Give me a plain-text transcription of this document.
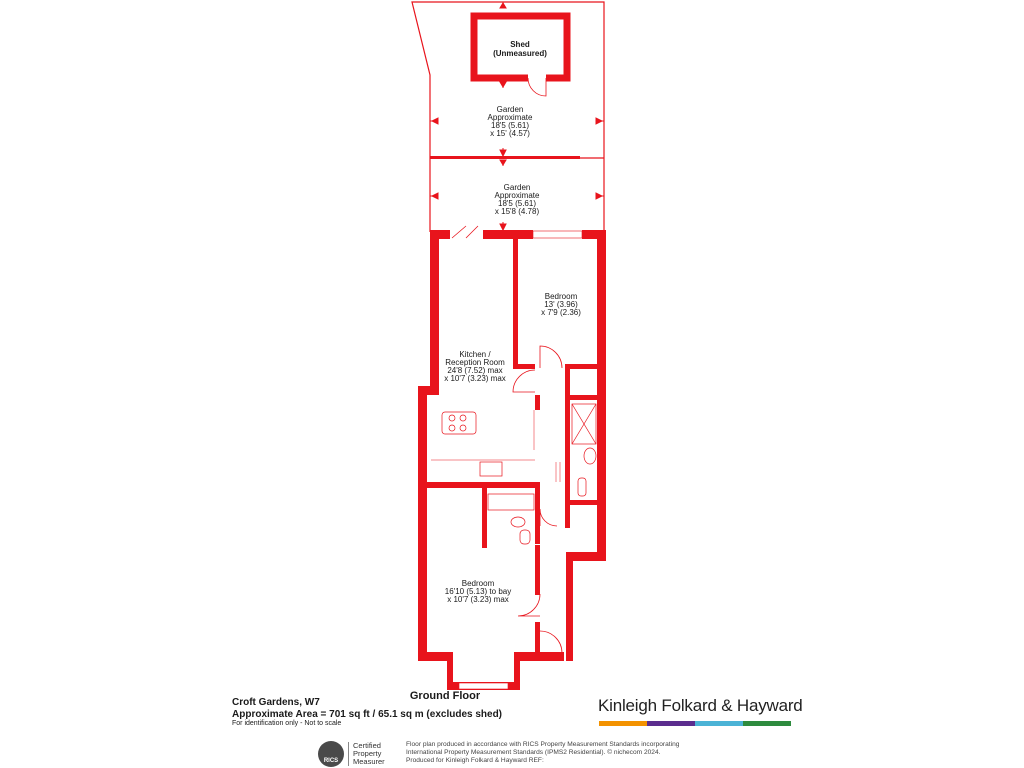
Shed
(Unmeasured)
Garden
Approximate
18'5 (5.61)
x 15' (4.57)
Garden
Approximate
18'5 (5.61)
x 15'8 (4.78)
Bedroom
13' (3.96)
x 7'9 (2.36)
Kitchen /
Reception Room
24'8 (7.52) max
x 10'7 (3.23) max
Bedroom
16'10 (5.13) to bay
x 10'7 (3.23) max
Ground Floor
Croft Gardens, W7
Approximate Area = 701 sq ft / 65.1 sq m (excludes shed)
For identification only - Not to scale
Kinleigh Folkard & Hayward
RICS
Certified
Property
Measurer
Floor plan produced in accordance with RICS Property Measurement Standards incorporating
International Property Measurement Standards (IPMS2 Residential). © nichecom 2024.
Produced for Kinleigh Folkard & Hayward REF:
